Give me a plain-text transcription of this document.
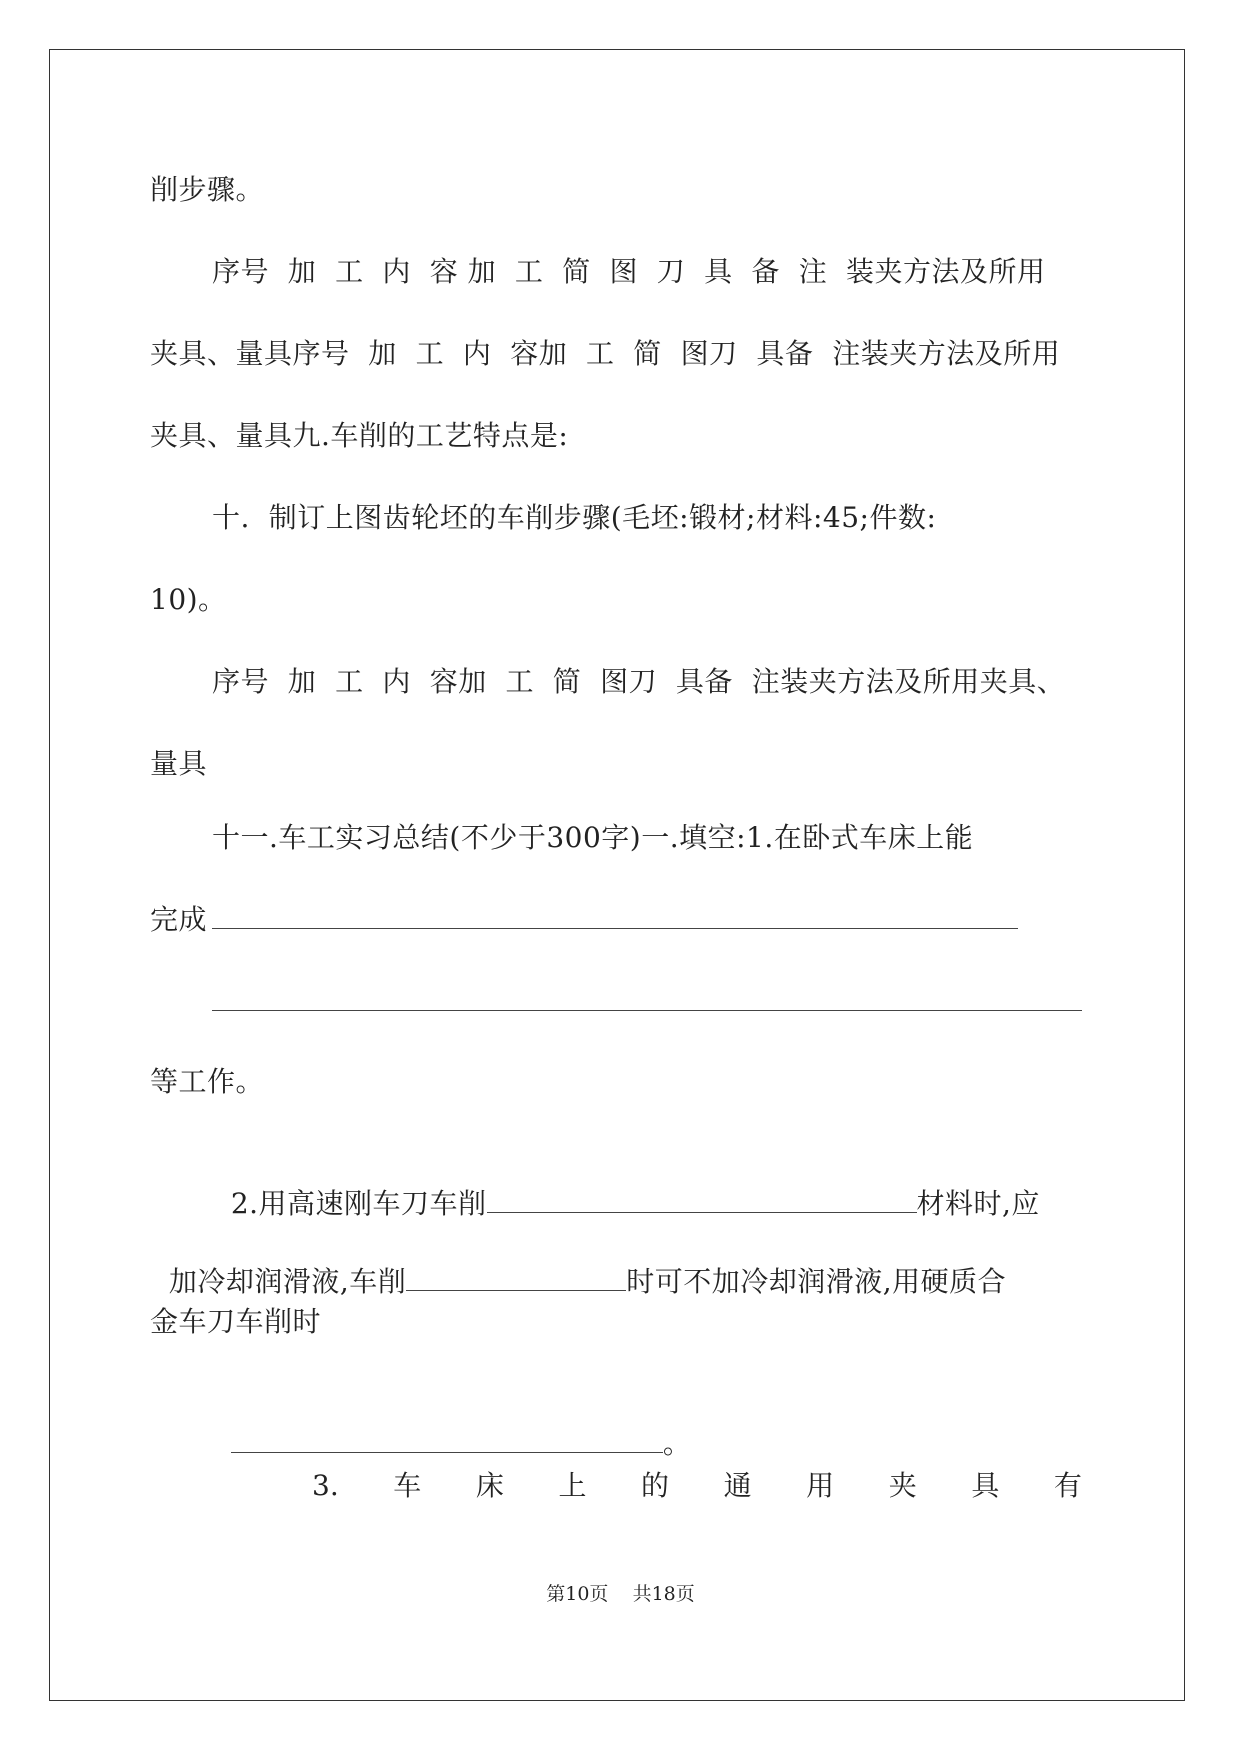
削步骤。
序号  加  工  内  容 加  工  简  图  刀  具  备  注  装夹方法及所用
夹具、量具序号  加  工  内  容加  工  简  图刀  具备  注装夹方法及所用
夹具、量具九.车削的工艺特点是:
十.  制订上图齿轮坯的车削步骤(毛坯:锻材;材料:45;件数:
10)。
序号  加  工  内  容加  工  简  图刀  具备  注装夹方法及所用夹具、
量具
十一.车工实习总结(不少于300字)一.填空:1.在卧式车床上能
完成
等工作。

2.用高速刚车刀车削	材料时,应

加冷却润滑液,车削	时可不加冷却润滑液,用硬质合

金车刀车削时

。

3. 车 床 上 的 通 用 夹 具 有
第10页    共18页
